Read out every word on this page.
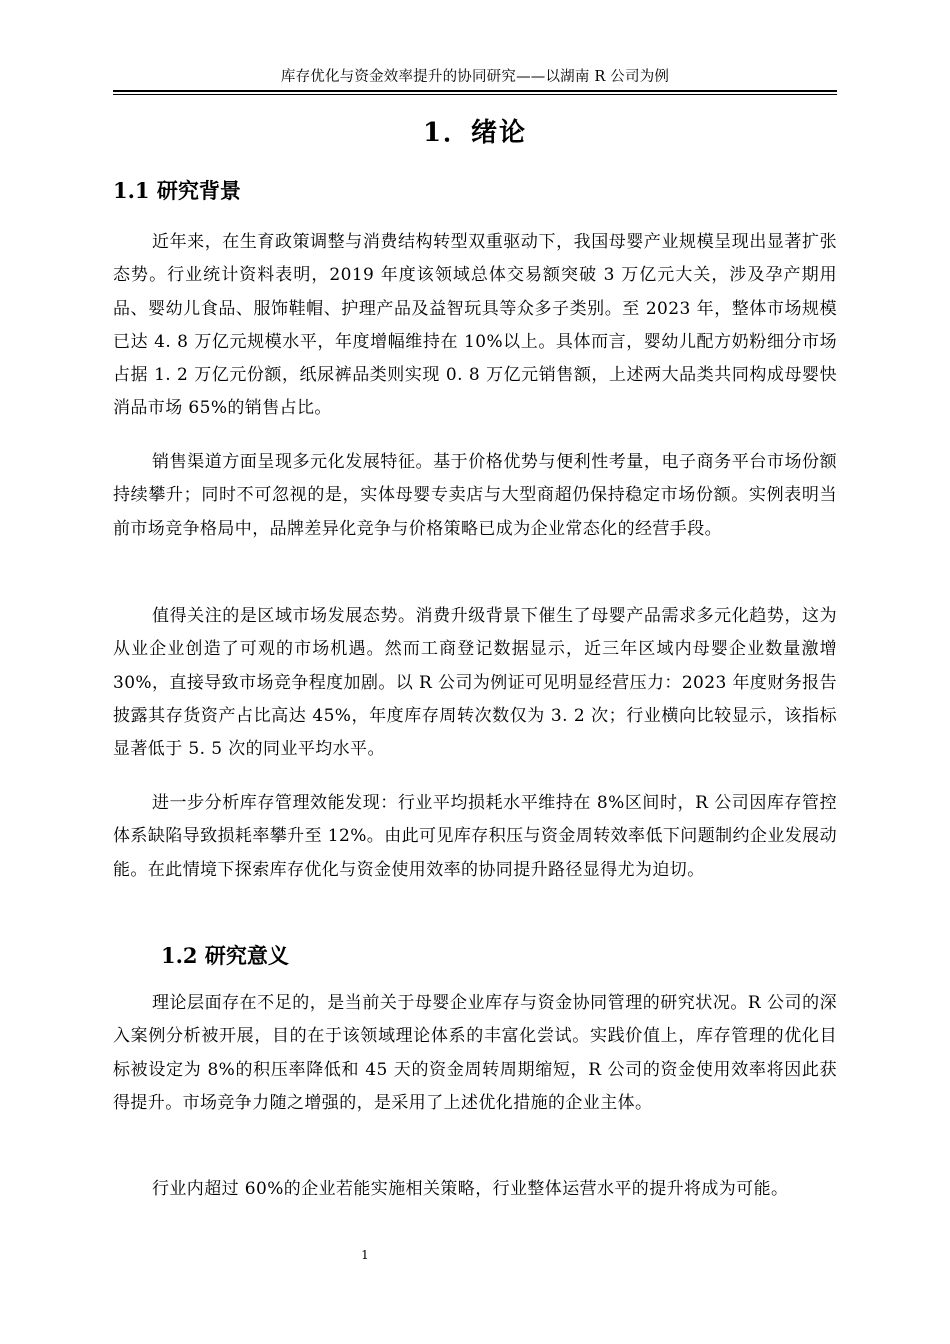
库存优化与资金效率提升的协同研究——以湖南 R 公司为例
1．绪论
1.1 研究背景

近年来，在生育政策调整与消费结构转型双重驱动下，我国母婴产业规模呈现出显著扩张态势。行业统计资料表明，2019 年度该领域总体交易额突破 3 万亿元大关，涉及孕产期用品、婴幼儿食品、服饰鞋帽、护理产品及益智玩具等众多子类别。至 2023 年，整体市场规模已达 4. 8 万亿元规模水平，年度增幅维持在 10%以上。具体而言，婴幼儿配方奶粉细分市场占据 1. 2 万亿元份额，纸尿裤品类则实现 0. 8 万亿元销售额，上述两大品类共同构成母婴快消品市场 65%的销售占比。

销售渠道方面呈现多元化发展特征。基于价格优势与便利性考量，电子商务平台市场份额持续攀升；同时不可忽视的是，实体母婴专卖店与大型商超仍保持稳定市场份额。实例表明当前市场竞争格局中，品牌差异化竞争与价格策略已成为企业常态化的经营手段。

值得关注的是区域市场发展态势。消费升级背景下催生了母婴产品需求多元化趋势，这为从业企业创造了可观的市场机遇。然而工商登记数据显示，近三年区域内母婴企业数量激增 30%，直接导致市场竞争程度加剧。以 R 公司为例证可见明显经营压力：2023 年度财务报告披露其存货资产占比高达 45%，年度库存周转次数仅为 3. 2 次；行业横向比较显示，该指标显著低于 5. 5 次的同业平均水平。

进一步分析库存管理效能发现：行业平均损耗水平维持在 8%区间时，R 公司因库存管控体系缺陷导致损耗率攀升至 12%。由此可见库存积压与资金周转效率低下问题制约企业发展动能。在此情境下探索库存优化与资金使用效率的协同提升路径显得尤为迫切。

1.2 研究意义

理论层面存在不足的，是当前关于母婴企业库存与资金协同管理的研究状况。R 公司的深入案例分析被开展，目的在于该领域理论体系的丰富化尝试。实践价值上，库存管理的优化目标被设定为 8%的积压率降低和 45 天的资金周转周期缩短，R 公司的资金使用效率将因此获得提升。市场竞争力随之增强的，是采用了上述优化措施的企业主体。

行业内超过 60%的企业若能实施相关策略，行业整体运营水平的提升将成为可能。

1
